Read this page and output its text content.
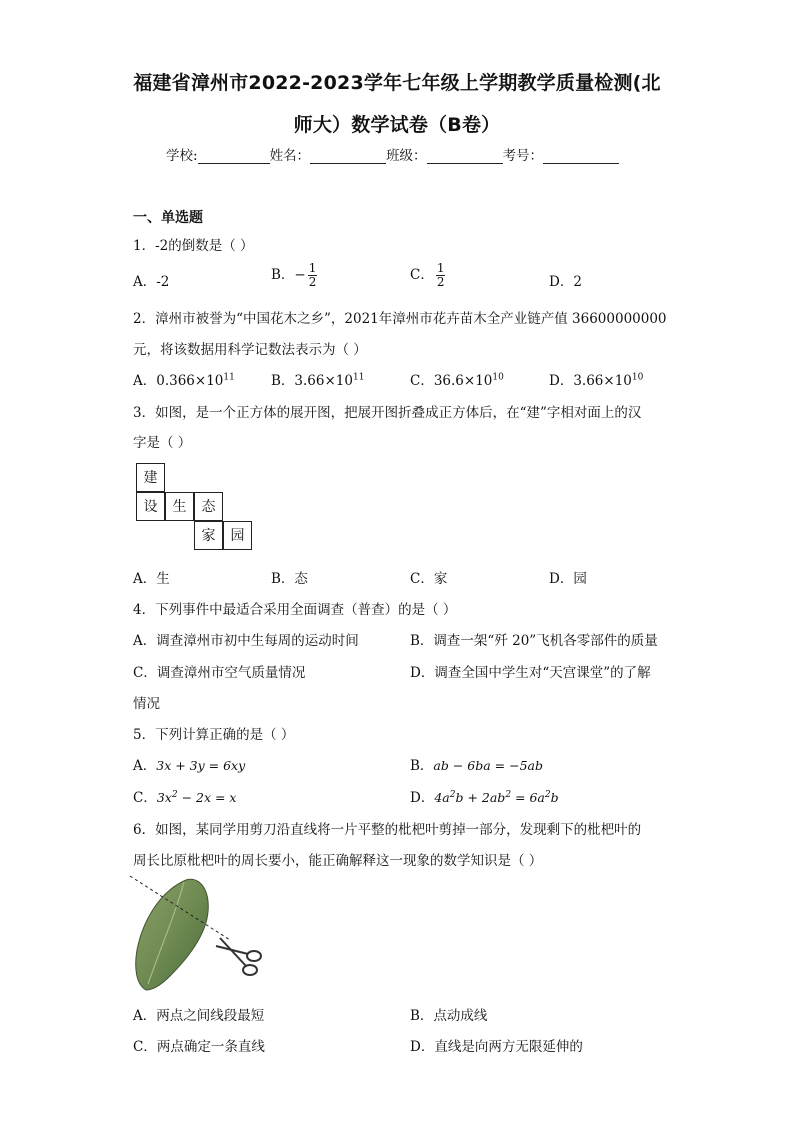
福建省漳州市2022-2023学年七年级上学期教学质量检测(北
师大）数学试卷（B卷）
学校:	姓名：	班级：	考号：
一、单选题
1．-2的倒数是（ ）
A．-2	B．− $\frac{1}{2}$	C． $\frac{1}{2}$	D．2
2．漳州市被誉为“中国花木之乡”，2021年漳州市花卉苗木全产业链产值 36600000000
元，将该数据用科学记数法表示为（ ）
A．$0.366\times 10^{11}$	B．$3.66\times 10^{11}$	C．$36.6\times 10^{10}$	D．$3.66\times 10^{10}$
3．如图，是一个正方体的展开图，把展开图折叠成正方体后，在“建”字相对面上的汉
字是（ ）
建
设	生	态
家	园
A．生	B．态	C．家	D．园
4．下列事件中最适合采用全面调查（普查）的是（ ）
A．调查漳州市初中生每周的运动时间	B．调查一架“歼 20”飞机各零部件的质量
C．调查漳州市空气质量情况	D．调查全国中学生对“天宫课堂”的了解
情况
5．下列计算正确的是（ ）
A．3x + 3y = 6xy	B．ab − 6ba = −5ab
C．$3x^2 - 2x = x$	D．$4a^2b + 2ab^2 = 6a^2b$
6．如图，某同学用剪刀沿直线将一片平整的枇杷叶剪掉一部分，发现剩下的枇杷叶的
周长比原枇杷叶的周长要小，能正确解释这一现象的数学知识是（ ）
A．两点之间线段最短	B．点动成线
C．两点确定一条直线	D．直线是向两方无限延伸的
